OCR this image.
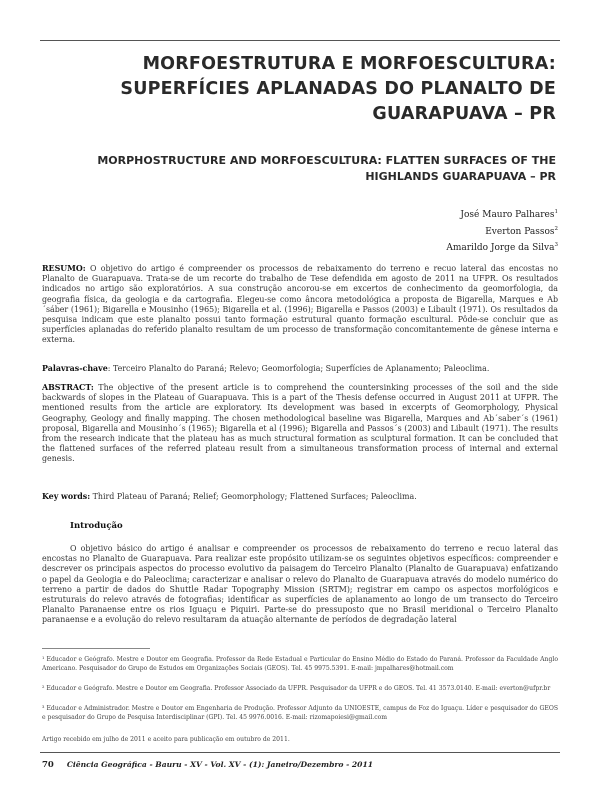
MORFOESTRUTURA E MORFOESCULTURA:
SUPERFÍCIES APLANADAS DO PLANALTO DE
GUARAPUAVA – PR
MORPHOSTRUCTURE AND MORFOESCULTURA: FLATTEN SURFACES OF THE
HIGHLANDS GUARAPUAVA – PR
José Mauro Palhares$^1$
Everton Passos$^2$
Amarildo Jorge da Silva$^3$
RESUMO: O objetivo do artigo é compreender os processos de rebaixamento do terreno e recuo lateral das encostas no Planalto de Guarapuava. Trata-se de um recorte do trabalho de Tese defendida em agosto de 2011 na UFPR. Os resultados indicados no artigo são exploratórios. A sua construção ancorou-se em excertos de conhecimento da geomorfologia, da geografia física, da geologia e da cartografia. Elegeu-se como âncora metodológica a proposta de Bigarella, Marques e Ab´sáber (1961); Bigarella e Mousinho (1965); Bigarella et al. (1996); Bigarella e Passos (2003) e Libault (1971). Os resultados da pesquisa indicam que este planalto possui tanto formação estrutural quanto formação escultural. Pôde-se concluir que as superfícies aplanadas do referido planalto resultam de um processo de transformação concomitantemente de gênese interna e externa.
Palavras-chave: Terceiro Planalto do Paraná; Relevo; Geomorfologia; Superfícies de Aplanamento; Paleoclima.
ABSTRACT: The objective of the present article is to comprehend the countersinking processes of the soil and the side backwards of slopes in the Plateau of Guarapuava. This is a part of the Thesis defense occurred in August 2011 at UFPR. The mentioned results from the article are exploratory. Its development was based in excerpts of Geomorphology, Physical Geography, Geology and finally mapping. The chosen methodological baseline was Bigarella, Marques and Ab´saber´s (1961) proposal, Bigarella and Mousinho´s (1965); Bigarella et al (1996); Bigarella and Passos´s (2003) and Libault (1971). The results from the research indicate that the plateau has as much structural formation as sculptural formation. It can be concluded that the flattened surfaces of the referred plateau result from a simultaneous transformation process of internal and external genesis.
Key words: Third Plateau of Paraná; Relief; Geomorphology; Flattened Surfaces; Paleoclima.
Introdução
O objetivo básico do artigo é analisar e compreender os processos de rebaixamento do terreno e recuo lateral das encostas no Planalto de Guarapuava. Para realizar este propósito utilizam-se os seguintes objetivos específicos: compreender e descrever os principais aspectos do processo evolutivo da paisagem do Terceiro Planalto (Planalto de Guarapuava) enfatizando o papel da Geologia e do Paleoclima; caracterizar e analisar o relevo do Planalto de Guarapuava através do modelo numérico do terreno a partir de dados do Shuttle Radar Topography Mission (SRTM); registrar em campo os aspectos morfológicos e estruturais do relevo através de fotografias; identificar as superfícies de aplanamento ao longo de um transecto do Terceiro Planalto Paranaense entre os rios Iguaçu e Piquiri. Parte-se do pressuposto que no Brasil meridional o Terceiro Planalto paranaense e a evolução do relevo resultaram da atuação alternante de períodos de degradação lateral
¹ Educador e Geógrafo. Mestre e Doutor em Geografia. Professor da Rede Estadual e Particular do Ensino Médio do Estado do Paraná. Professor da Faculdade Anglo Americano. Pesquisador do Grupo de Estudos em Organizações Sociais (GEOS). Tel. 45 9975.5391. E-mail: jmpalhares@hotmail.com
² Educador e Geógrafo. Mestre e Doutor em Geografia. Professor Associado da UFPR. Pesquisador da UFPR e do GEOS. Tel. 41 3573.0140. E-mail: everton@ufpr.br
³ Educador e Administrador. Mestre e Doutor em Engenharia de Produção. Professor Adjunto da UNIOESTE, campus de Foz do Iguaçu. Líder e pesquisador do GEOS e pesquisador do Grupo de Pesquisa Interdisciplinar (GPI). Tel. 45 9976.0016. E-mail: rizomapoiesi@gmail.com
Artigo recebido em julho de 2011 e aceito para publicação em outubro de 2011.
70 Ciência Geográfica - Bauru - XV - Vol. XV - (1): Janeiro/Dezembro - 2011
